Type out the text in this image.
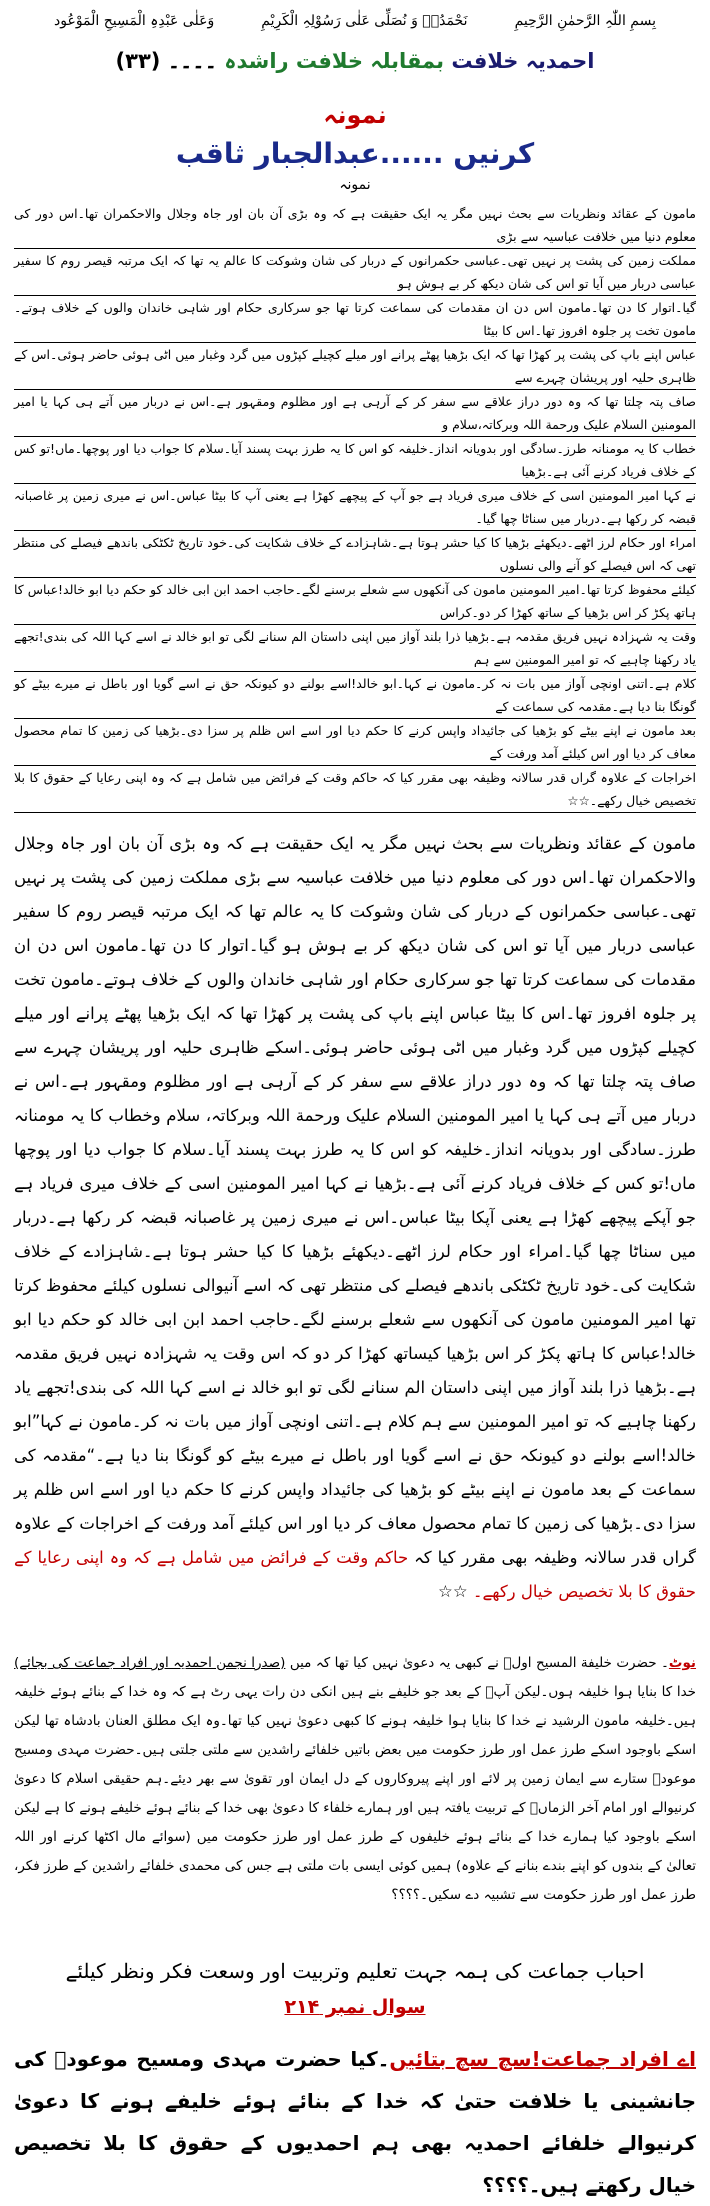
بِسمِ اللّٰہِ الرَّحمٰنِ الرَّحِیمِ
نَحْمَدُہٗ وَ نُصَلِّی عَلٰی رَسُوْلِہِ الْکَرِیْمِ
وَعَلٰی عَبْدِہِ الْمَسِیحِ الْمَوْعُود
احمدیہ خلافت بمقابلہ خلافت راشدہ ۔۔۔۔ (۳۳)
نمونہ
کرنیں ......عبدالجبار ثاقب
نمونہ
مامون کے عقائد ونظریات سے بحث نہیں مگر یہ ایک حقیقت ہے کہ وہ بڑی آن بان اور جاہ وجلال والاحکمران تھا۔اس دور کی معلوم دنیا میں خلافت عباسیہ سے بڑی
مملکت زمین کی پشت پر نہیں تھی۔عباسی حکمرانوں کے دربار کی شان وشوکت کا عالم یہ تھا کہ ایک مرتبہ قیصر روم کا سفیر عباسی دربار میں آیا تو اس کی شان دیکھ کر بے ہوش ہو
گیا۔اتوار کا دن تھا۔مامون اس دن ان مقدمات کی سماعت کرتا تھا جو سرکاری حکام اور شاہی خاندان والوں کے خلاف ہوتے۔مامون تخت پر جلوہ افروز تھا۔اس کا بیٹا
عباس اپنے باپ کی پشت پر کھڑا تھا کہ ایک بڑھیا پھٹے پرانے اور میلے کچیلے کپڑوں میں گرد وغبار میں اٹی ہوئی حاضر ہوئی۔اس کے ظاہری حلیہ اور پریشان چہرے سے
صاف پتہ چلتا تھا کہ وہ دور دراز علاقے سے سفر کر کے آرہی ہے اور مظلوم ومقہور ہے۔اس نے دربار میں آتے ہی کہا یا امیر المومنین السلام علیک ورحمة اللہ وبرکاتہ،سلام و
خطاب کا یہ مومنانہ طرز۔سادگی اور بدویانہ انداز۔خلیفہ کو اس کا یہ طرز بہت پسند آیا۔سلام کا جواب دیا اور پوچھا۔ماں!تو کس کے خلاف فریاد کرنے آئی ہے۔بڑھیا
نے کہا امیر المومنین اسی کے خلاف میری فریاد ہے جو آپ کے پیچھے کھڑا ہے یعنی آپ کا بیٹا عباس۔اس نے میری زمین پر غاصبانہ قبضہ کر رکھا ہے۔دربار میں سناٹا چھا گیا۔
امراء اور حکام لرز اٹھے۔دیکھئے بڑھیا کا کیا حشر ہوتا ہے۔شاہزادے کے خلاف شکایت کی۔خود تاریخ ٹکٹکی باندھے فیصلے کی منتظر تھی کہ اس فیصلے کو آنے والی نسلوں
کیلئے محفوظ کرتا تھا۔امیر المومنین مامون کی آنکھوں سے شعلے برسنے لگے۔حاجب احمد ابن ابی خالد کو حکم دیا ابو خالد!عباس کا ہاتھ پکڑ کر اس بڑھیا کے ساتھ کھڑا کر دو۔کراس
وقت یہ شہزادہ نہیں فریق مقدمہ ہے۔بڑھیا ذرا بلند آواز میں اپنی داستان الم سنانے لگی تو ابو خالد نے اسے کہا اللہ کی بندی!تجھے یاد رکھنا چاہیے کہ تو امیر المومنین سے ہم
کلام ہے۔اتنی اونچی آواز میں بات نہ کر۔مامون نے کہا۔ابو خالد!اسے بولنے دو کیونکہ حق نے اسے گویا اور باطل نے میرے بیٹے کو گونگا بنا دیا ہے۔مقدمہ کی سماعت کے
بعد مامون نے اپنے بیٹے کو بڑھیا کی جائیداد واپس کرنے کا حکم دیا اور اسے اس ظلم پر سزا دی۔بڑھیا کی زمین کا تمام محصول معاف کر دیا اور اس کیلئے آمد ورفت کے
اخراجات کے علاوہ گراں قدر سالانہ وظیفہ بھی مقرر کیا کہ حاکم وقت کے فرائض میں شامل ہے کہ وہ اپنی رعایا کے حقوق کا بلا تخصیص خیال رکھے۔☆☆
مامون کے عقائد ونظریات سے بحث نہیں مگر یہ ایک حقیقت ہے کہ وہ بڑی آن بان اور جاہ وجلال والاحکمران تھا۔اس دور کی معلوم دنیا میں خلافت عباسیہ سے بڑی مملکت زمین کی پشت پر نہیں تھی۔عباسی حکمرانوں کے دربار کی شان وشوکت کا یہ عالم تھا کہ ایک مرتبہ قیصر روم کا سفیر عباسی دربار میں آیا تو اس کی شان دیکھ کر بے ہوش ہو گیا۔اتوار کا دن تھا۔مامون اس دن ان مقدمات کی سماعت کرتا تھا جو سرکاری حکام اور شاہی خاندان والوں کے خلاف ہوتے۔مامون تخت پر جلوہ افروز تھا۔اس کا بیٹا عباس اپنے باپ کی پشت پر کھڑا تھا کہ ایک بڑھیا پھٹے پرانے اور میلے کچیلے کپڑوں میں گرد وغبار میں اٹی ہوئی حاضر ہوئی۔اسکے ظاہری حلیہ اور پریشان چہرے سے صاف پتہ چلتا تھا کہ وہ دور دراز علاقے سے سفر کر کے آرہی ہے اور مظلوم ومقہور ہے۔اس نے دربار میں آتے ہی کہا یا امیر المومنین السلام علیک ورحمة اللہ وبرکاتہ، سلام وخطاب کا یہ مومنانہ طرز۔سادگی اور بدویانہ انداز۔خلیفہ کو اس کا یہ طرز بہت پسند آیا۔سلام کا جواب دیا اور پوچھا ماں!تو کس کے خلاف فریاد کرنے آئی ہے۔بڑھیا نے کہا امیر المومنین اسی کے خلاف میری فریاد ہے جو آپکے پیچھے کھڑا ہے یعنی آپکا بیٹا عباس۔اس نے میری زمین پر غاصبانہ قبضہ کر رکھا ہے۔دربار میں سناٹا چھا گیا۔امراء اور حکام لرز اٹھے۔دیکھئے بڑھیا کا کیا حشر ہوتا ہے۔شاہزادے کے خلاف شکایت کی۔خود تاریخ ٹکٹکی باندھے فیصلے کی منتظر تھی کہ اسے آنیوالی نسلوں کیلئے محفوظ کرتا تھا امیر المومنین مامون کی آنکھوں سے شعلے برسنے لگے۔حاجب احمد ابن ابی خالد کو حکم دیا ابو خالد!عباس کا ہاتھ پکڑ کر اس بڑھیا کیساتھ کھڑا کر دو کہ اس وقت یہ شہزادہ نہیں فریق مقدمہ ہے۔بڑھیا ذرا بلند آواز میں اپنی داستان الم سنانے لگی تو ابو خالد نے اسے کہا اللہ کی بندی!تجھے یاد رکھنا چاہیے کہ تو امیر المومنین سے ہم کلام ہے۔اتنی اونچی آواز میں بات نہ کر۔مامون نے کہا”ابو خالد!اسے بولنے دو کیونکہ حق نے اسے گویا اور باطل نے میرے بیٹے کو گونگا بنا دیا ہے۔“مقدمہ کی سماعت کے بعد مامون نے اپنے بیٹے کو بڑھیا کی جائیداد واپس کرنے کا حکم دیا اور اسے اس ظلم پر سزا دی۔بڑھیا کی زمین کا تمام محصول معاف کر دیا اور اس کیلئے آمد ورفت کے اخراجات کے علاوہ گراں قدر سالانہ وظیفہ بھی مقرر کیا کہ حاکم وقت کے فرائض میں شامل ہے کہ وہ اپنی رعایا کے حقوق کا بلا تخصیص خیال رکھے۔ ☆☆
نوٹ۔ حضرت خلیفة المسیح اولؓ نے کبھی یہ دعویٰ نہیں کیا تھا کہ میں (صدرا نجمن احمدیہ اور افراد جماعت کی بجائے) خدا کا بنایا ہوا خلیفہ ہوں۔لیکن آپؓ کے بعد جو خلیفے بنے ہیں انکی دن رات یہی رٹ ہے کہ وہ خدا کے بنائے ہوئے خلیفہ ہیں۔خلیفہ مامون الرشید نے خدا کا بنایا ہوا خلیفہ ہونے کا کبھی دعویٰ نہیں کیا تھا۔وہ ایک مطلق العنان بادشاہ تھا لیکن اسکے باوجود اسکے طرز عمل اور طرز حکومت میں بعض باتیں خلفائے راشدین سے ملتی جلتی ہیں۔حضرت مہدی ومسیح موعودؑ ستارے سے ایمان زمین پر لائے اور اپنے پیروکاروں کے دل ایمان اور تقویٰ سے بھر دیئے۔ہم حقیقی اسلام کا دعویٰ کرنیوالے اور امام آخر الزماںؑ کے تربیت یافتہ ہیں اور ہمارے خلفاء کا دعویٰ بھی خدا کے بنائے ہوئے خلیفے ہونے کا ہے لیکن اسکے باوجود کیا ہمارے خدا کے بنائے ہوئے خلیفوں کے طرز عمل اور طرز حکومت میں (سوائے مال اکٹھا کرنے اور اللہ تعالیٰ کے بندوں کو اپنے بندے بنانے کے علاوہ) ہمیں کوئی ایسی بات ملتی ہے جس کی محمدی خلفائے راشدین کے طرز فکر، طرز عمل اور طرز حکومت سے تشبیہ دے سکیں۔؟؟؟؟
احباب جماعت کی ہمہ جہت تعلیم وتربیت اور وسعت فکر ونظر کیلئے
سوال نمبر ۲۱۴
اے افراد جماعت!سچ سچ بتائیں۔کیا حضرت مہدی ومسیح موعودؑ کی جانشینی یا خلافت حتیٰ کہ خدا کے بنائے ہوئے خلیفے ہونے کا دعویٰ کرنیوالے خلفائے احمدیہ بھی ہم احمدیوں کے حقوق کا بلا تخصیص خیال رکھتے ہیں۔؟؟؟؟
